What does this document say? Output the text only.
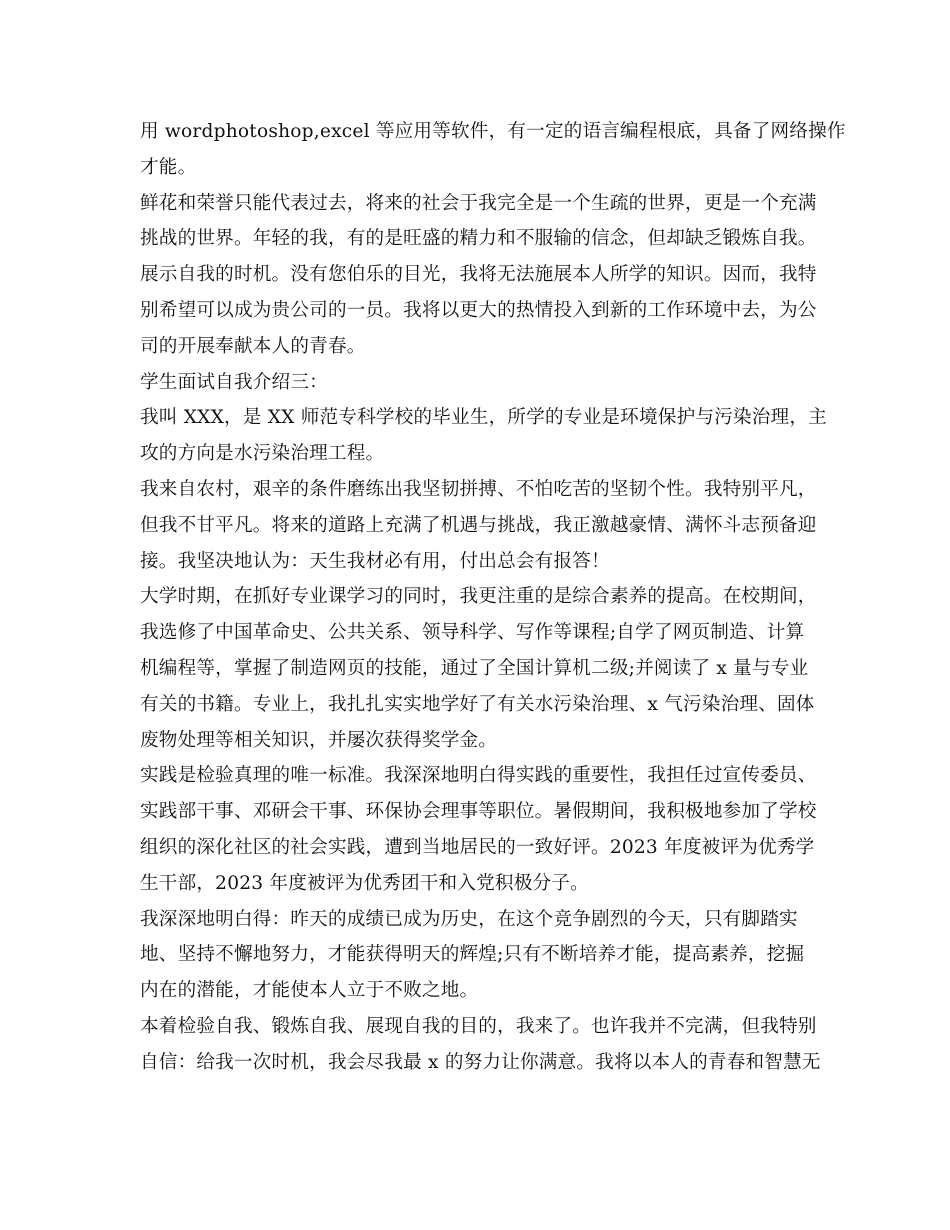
用 wordphotoshop,excel 等应用等软件，有一定的语言编程根底，具备了网络操作
才能。
鲜花和荣誉只能代表过去，将来的社会于我完全是一个生疏的世界，更是一个充满
挑战的世界。年轻的我，有的是旺盛的精力和不服输的信念，但却缺乏锻炼自我。
展示自我的时机。没有您伯乐的目光，我将无法施展本人所学的知识。因而，我特
别希望可以成为贵公司的一员。我将以更大的热情投入到新的工作环境中去，为公
司的开展奉献本人的青春。
学生面试自我介绍三：
我叫 XXX，是 XX 师范专科学校的毕业生，所学的专业是环境保护与污染治理，主
攻的方向是水污染治理工程。
我来自农村，艰辛的条件磨练出我坚韧拼搏、不怕吃苦的坚韧个性。我特别平凡，
但我不甘平凡。将来的道路上充满了机遇与挑战，我正激越豪情、满怀斗志预备迎
接。我坚决地认为：天生我材必有用，付出总会有报答！
大学时期，在抓好专业课学习的同时，我更注重的是综合素养的提高。在校期间，
我选修了中国革命史、公共关系、领导科学、写作等课程;自学了网页制造、计算
机编程等，掌握了制造网页的技能，通过了全国计算机二级;并阅读了 x 量与专业
有关的书籍。专业上，我扎扎实实地学好了有关水污染治理、x 气污染治理、固体
废物处理等相关知识，并屡次获得奖学金。
实践是检验真理的唯一标准。我深深地明白得实践的重要性，我担任过宣传委员、
实践部干事、邓研会干事、环保协会理事等职位。暑假期间，我积极地参加了学校
组织的深化社区的社会实践，遭到当地居民的一致好评。2023 年度被评为优秀学
生干部，2023 年度被评为优秀团干和入党积极分子。
我深深地明白得：昨天的成绩已成为历史，在这个竞争剧烈的今天，只有脚踏实
地、坚持不懈地努力，才能获得明天的辉煌;只有不断培养才能，提高素养，挖掘
内在的潜能，才能使本人立于不败之地。
本着检验自我、锻炼自我、展现自我的目的，我来了。也许我并不完满，但我特别
自信：给我一次时机，我会尽我最 x 的努力让你满意。我将以本人的青春和智慧无
